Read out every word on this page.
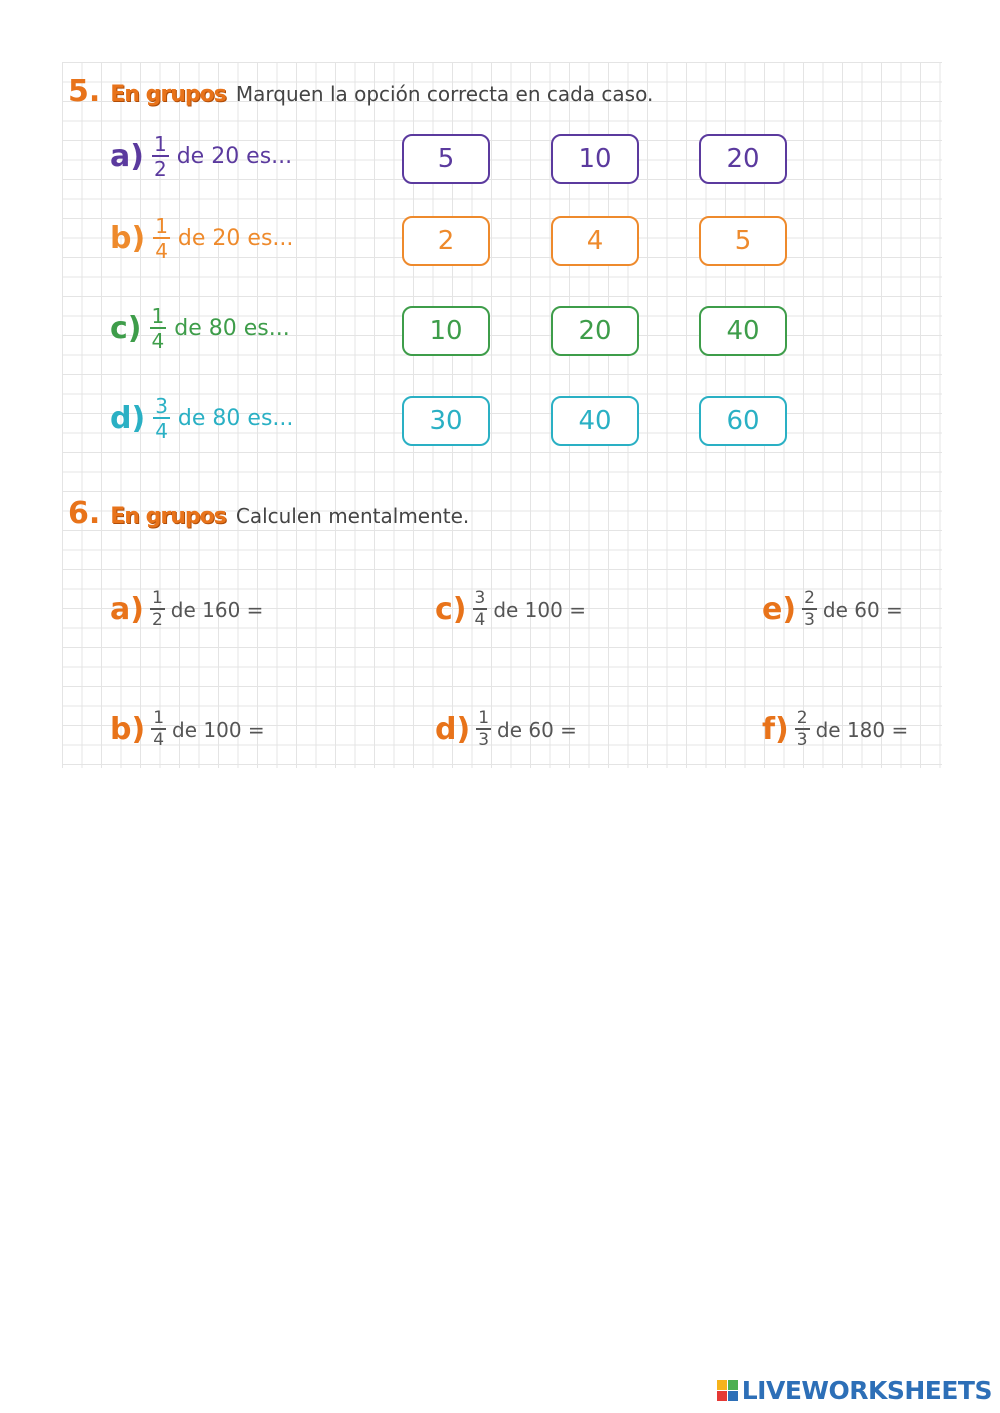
5. En grupos Marquen la opción correcta en cada caso.
$a) \frac{1}{2}$ de 20 es...	5	10	20
$b) \frac{1}{4}$ de 20 es...	2	4	5
$c) \frac{1}{4}$ de 80 es...	10	20	40
$d) \frac{3}{4}$ de 80 es...	30	40	60
6. En grupos Calculen mentalmente.
$a) \frac{1}{2}$ de 160 =	$c) \frac{3}{4}$ de 100 =	$e) \frac{2}{3}$ de 60 =
$b) \frac{1}{4}$ de 100 =	$d) \frac{1}{3}$ de 60 =	$f) \frac{2}{3}$ de 180 =
LIVEWORKSHEETS
